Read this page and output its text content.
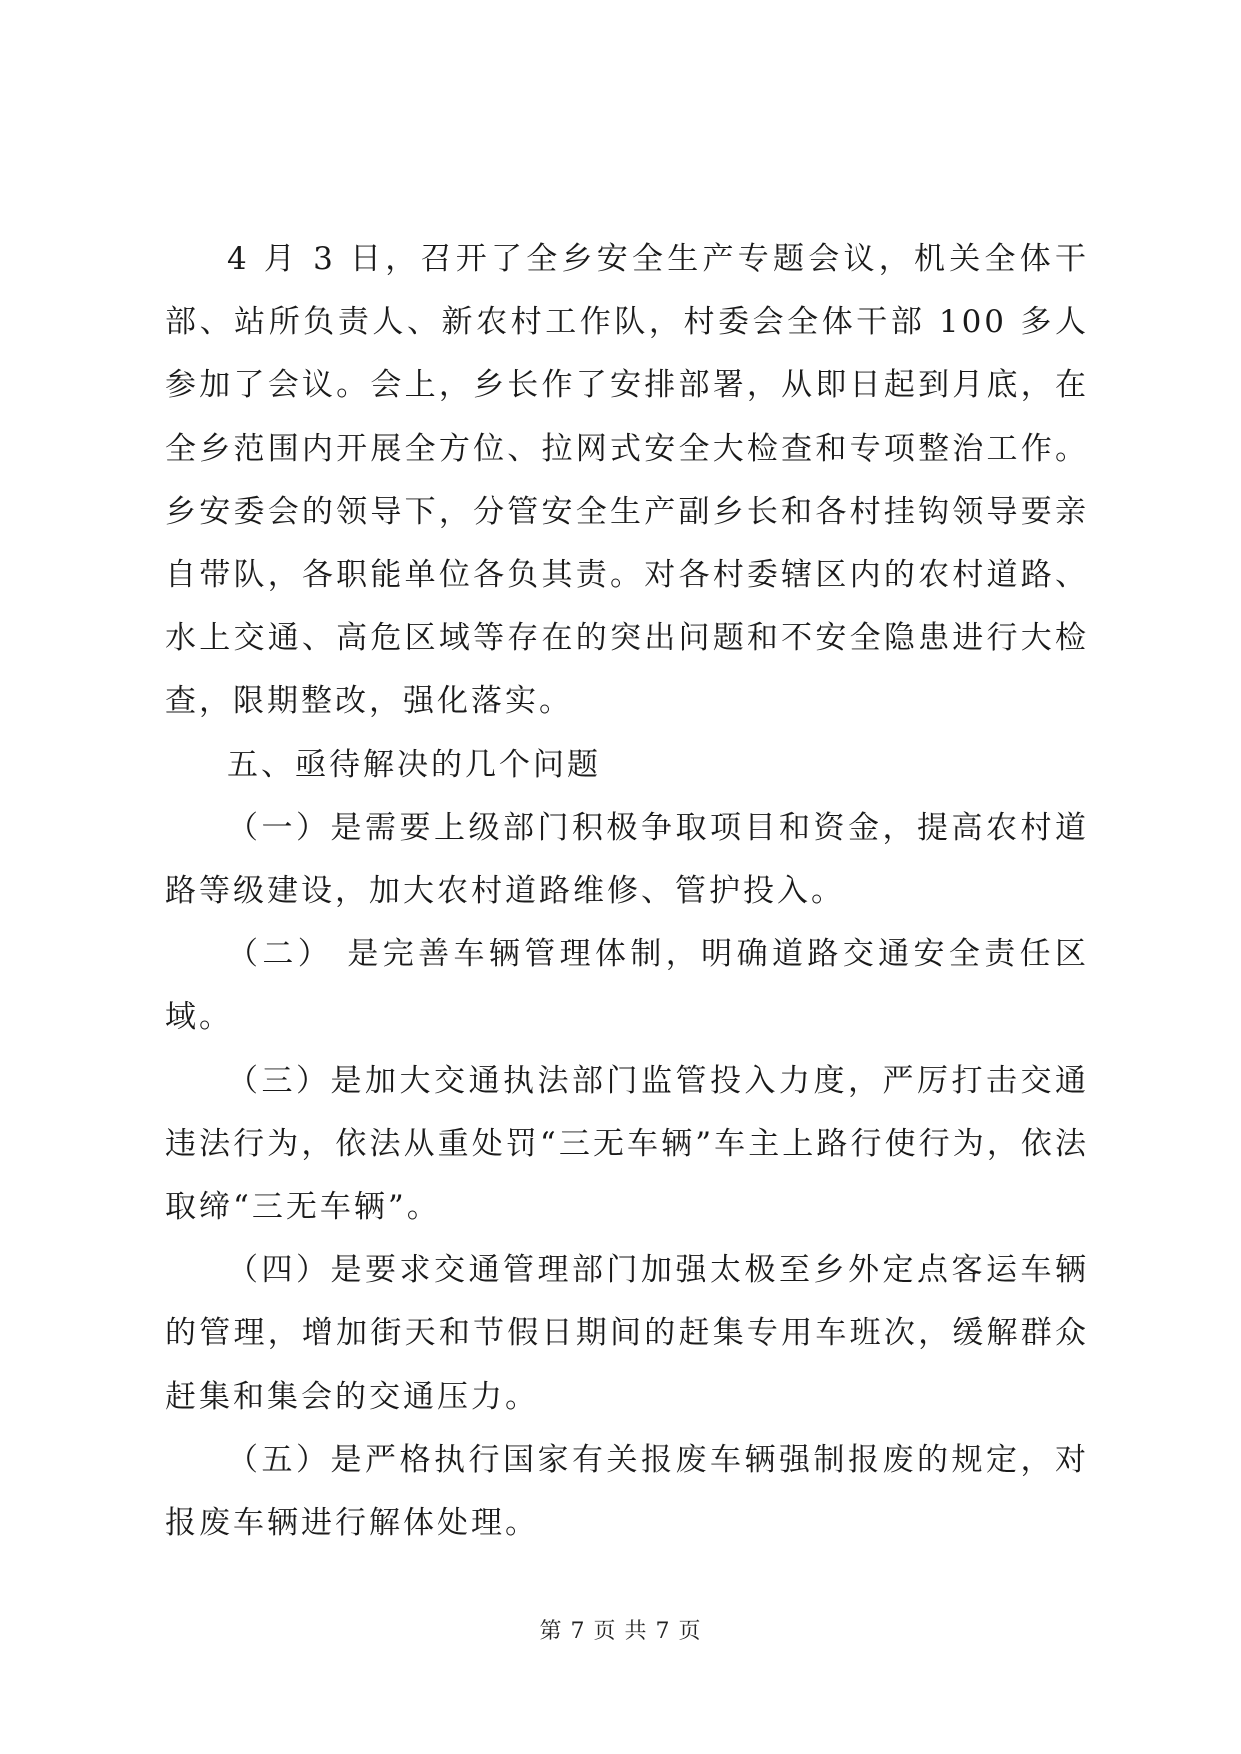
4 月 3 日，召开了全乡安全生产专题会议，机关全体干部、站所负责人、新农村工作队，村委会全体干部 100 多人参加了会议。会上，乡长作了安排部署，从即日起到月底，在全乡范围内开展全方位、拉网式安全大检查和专项整治工作。乡安委会的领导下，分管安全生产副乡长和各村挂钩领导要亲自带队，各职能单位各负其责。对各村委辖区内的农村道路、水上交通、高危区域等存在的突出问题和不安全隐患进行大检查，限期整改，强化落实。

五、亟待解决的几个问题

（一）是需要上级部门积极争取项目和资金，提高农村道路等级建设，加大农村道路维修、管护投入。

（二） 是完善车辆管理体制，明确道路交通安全责任区域。

（三）是加大交通执法部门监管投入力度，严厉打击交通违法行为，依法从重处罚“三无车辆”车主上路行使行为，依法取缔“三无车辆”。

（四）是要求交通管理部门加强太极至乡外定点客运车辆的管理，增加街天和节假日期间的赶集专用车班次，缓解群众赶集和集会的交通压力。

（五）是严格执行国家有关报废车辆强制报废的规定，对报废车辆进行解体处理。

第 7 页 共 7 页
